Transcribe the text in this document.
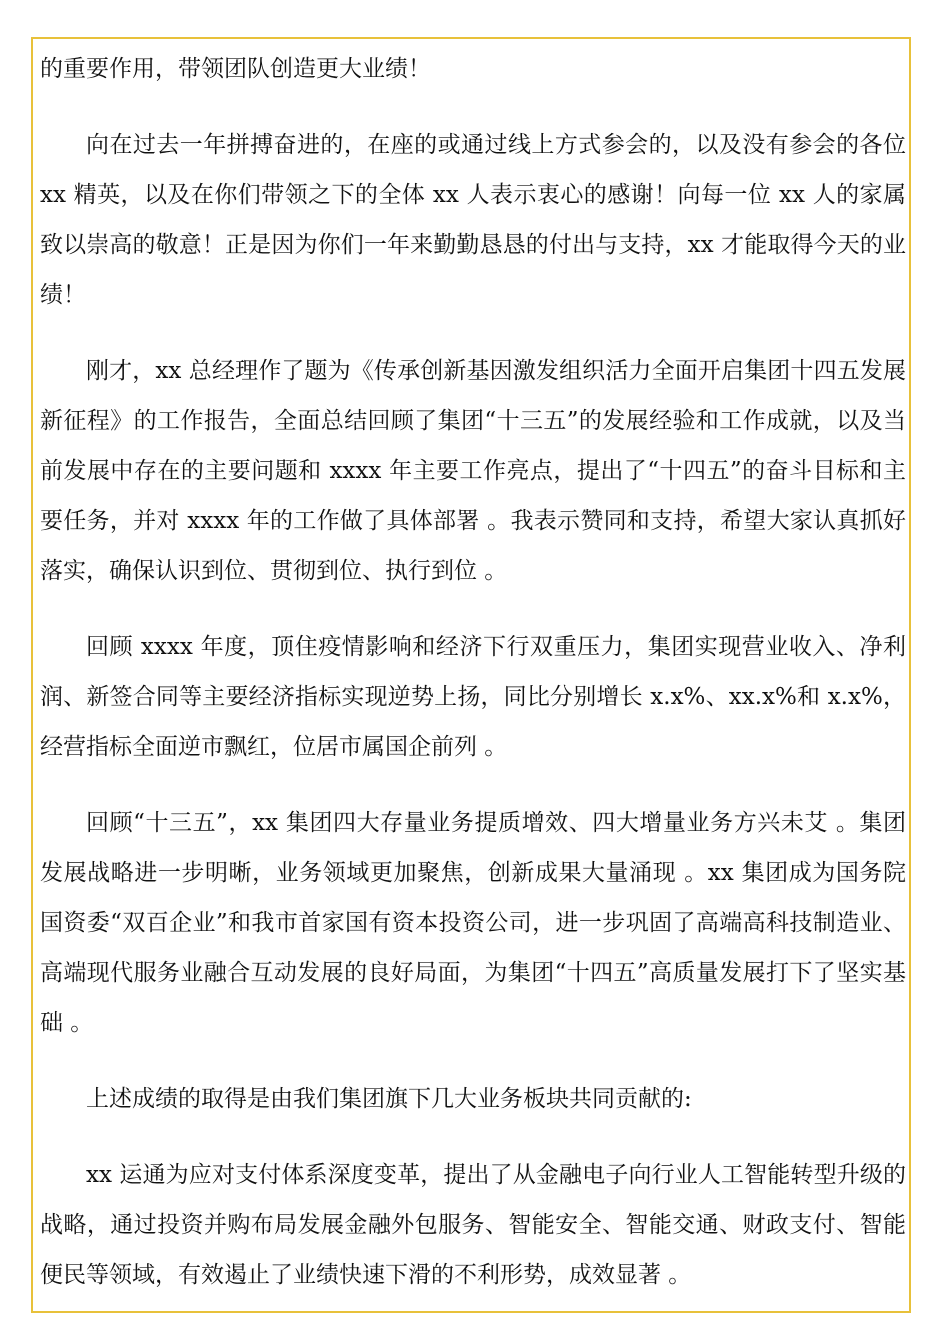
的重要作用，带领团队创造更大业绩！

向在过去一年拼搏奋进的，在座的或通过线上方式参会的，以及没有参会的各位 xx 精英，以及在你们带领之下的全体 xx 人表示衷心的感谢！向每一位 xx 人的家属致以崇高的敬意！正是因为你们一年来勤勤恳恳的付出与支持，xx 才能取得今天的业绩！

刚才，xx 总经理作了题为《传承创新基因激发组织活力全面开启集团十四五发展新征程》的工作报告，全面总结回顾了集团“十三五”的发展经验和工作成就，以及当前发展中存在的主要问题和 xxxx 年主要工作亮点，提出了“十四五”的奋斗目标和主要任务，并对 xxxx 年的工作做了具体部署 。我表示赞同和支持，希望大家认真抓好落实，确保认识到位、贯彻到位、执行到位 。

回顾 xxxx 年度，顶住疫情影响和经济下行双重压力，集团实现营业收入、净利润、新签合同等主要经济指标实现逆势上扬，同比分别增长 x.x%、xx.x%和 x.x%，经营指标全面逆市飘红，位居市属国企前列 。

回顾“十三五”，xx 集团四大存量业务提质增效、四大增量业务方兴未艾 。集团发展战略进一步明晰，业务领域更加聚焦，创新成果大量涌现 。xx 集团成为国务院国资委“双百企业”和我市首家国有资本投资公司，进一步巩固了高端高科技制造业、高端现代服务业融合互动发展的良好局面，为集团“十四五”高质量发展打下了坚实基础 。

上述成绩的取得是由我们集团旗下几大业务板块共同贡献的:

xx 运通为应对支付体系深度变革，提出了从金融电子向行业人工智能转型升级的战略，通过投资并购布局发展金融外包服务、智能安全、智能交通、财政支付、智能便民等领域，有效遏止了业绩快速下滑的不利形势，成效显著 。
